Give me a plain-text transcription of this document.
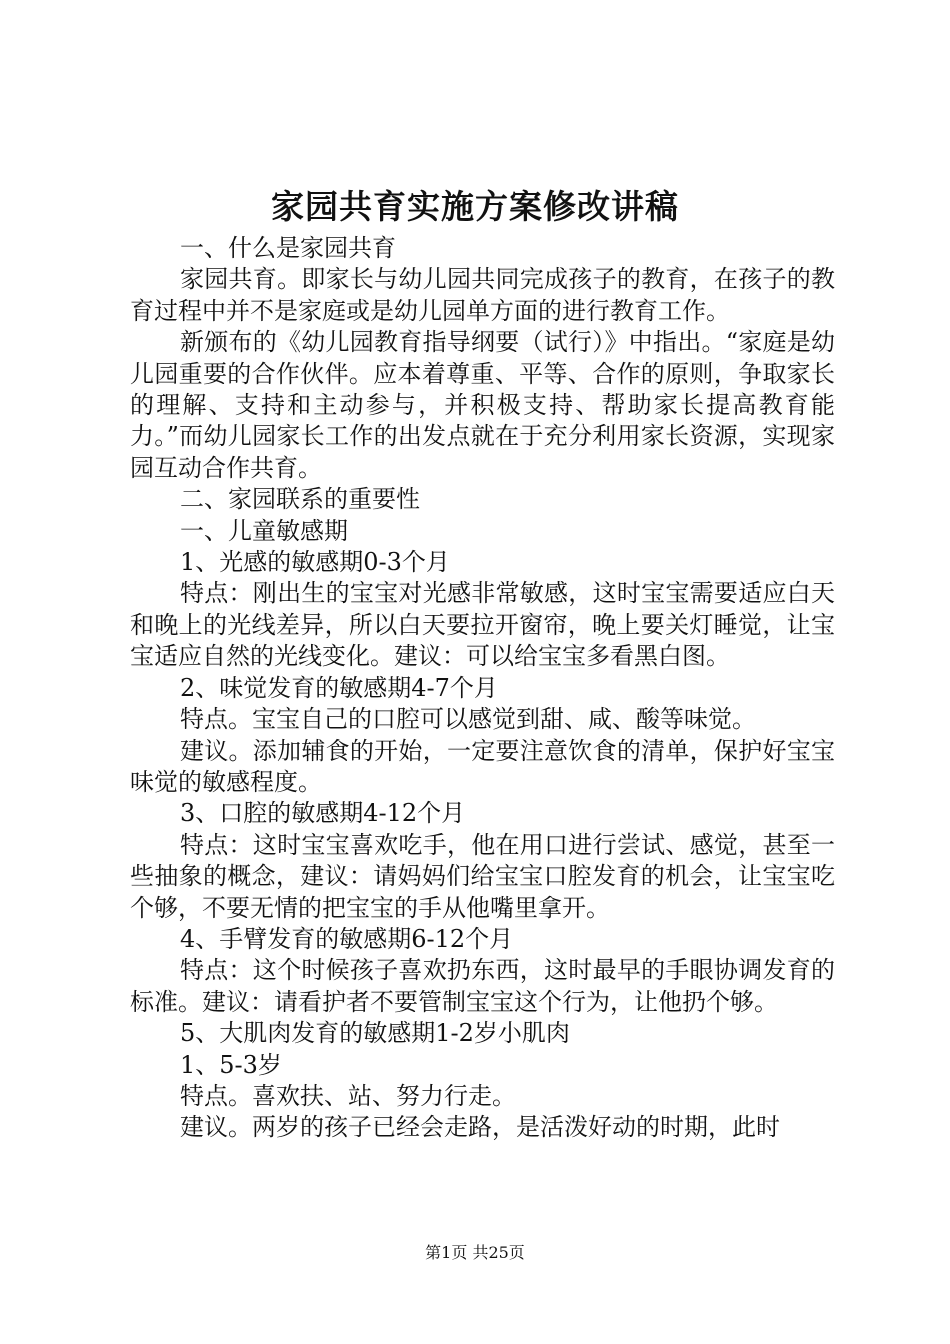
家园共育实施方案修改讲稿

一、什么是家园共育

家园共育。即家长与幼儿园共同完成孩子的教育，在孩子的教育过程中并不是家庭或是幼儿园单方面的进行教育工作。

新颁布的《幼儿园教育指导纲要（试行）》中指出。“家庭是幼儿园重要的合作伙伴。应本着尊重、平等、合作的原则，争取家长的理解、支持和主动参与，并积极支持、帮助家长提高教育能力。”而幼儿园家长工作的出发点就在于充分利用家长资源，实现家园互动合作共育。

二、家园联系的重要性

一、儿童敏感期

1、光感的敏感期0-3个月

特点：刚出生的宝宝对光感非常敏感，这时宝宝需要适应白天和晚上的光线差异，所以白天要拉开窗帘，晚上要关灯睡觉，让宝宝适应自然的光线变化。建议：可以给宝宝多看黑白图。

2、味觉发育的敏感期4-7个月

特点。宝宝自己的口腔可以感觉到甜、咸、酸等味觉。

建议。添加辅食的开始，一定要注意饮食的清单，保护好宝宝味觉的敏感程度。

3、口腔的敏感期4-12个月

特点：这时宝宝喜欢吃手，他在用口进行尝试、感觉，甚至一些抽象的概念，建议：请妈妈们给宝宝口腔发育的机会，让宝宝吃个够，不要无情的把宝宝的手从他嘴里拿开。

4、手臂发育的敏感期6-12个月

特点：这个时候孩子喜欢扔东西，这时最早的手眼协调发育的标准。建议：请看护者不要管制宝宝这个行为，让他扔个够。

5、大肌肉发育的敏感期1-2岁小肌肉

1、5-3岁

特点。喜欢扶、站、努力行走。

建议。两岁的孩子已经会走路，是活泼好动的时期，此时

第1页 共25页
